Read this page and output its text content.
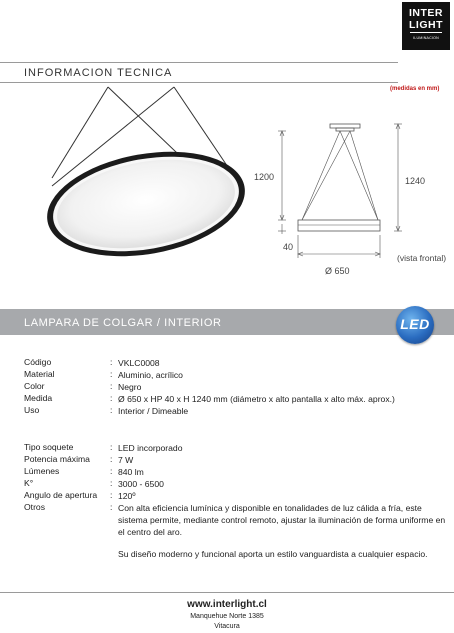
INTER
LIGHT
ILUMINACION
INFORMACION TECNICA
(medidas en mm)
1200	1240
40
Ø 650
(vista frontal)
LAMPARA DE COLGAR / INTERIOR	LED
Código	: VKLC0008
Material	: Aluminio, acrílico
Color	: Negro
Medida	: Ø 650 x HP 40 x H 1240 mm (diámetro x alto pantalla x alto máx. aprox.)
Uso	: Interior / Dimeable
Tipo soquete	: LED incorporado
Potencia máxima : 7 W
Lúmenes	: 840 lm
K°	: 3000 - 6500
Angulo de apertura : 120º
Otros	: Con alta eficiencia lumínica y disponible en tonalidades de luz cálida a fría, este sistema permite, mediante control remoto, ajustar la iluminación de forma uniforme en el centro del aro.
Su diseño moderno y funcional aporta un estilo vanguardista a cualquier espacio.
www.interlight.cl
Manquehue Norte 1385
Vitacura
